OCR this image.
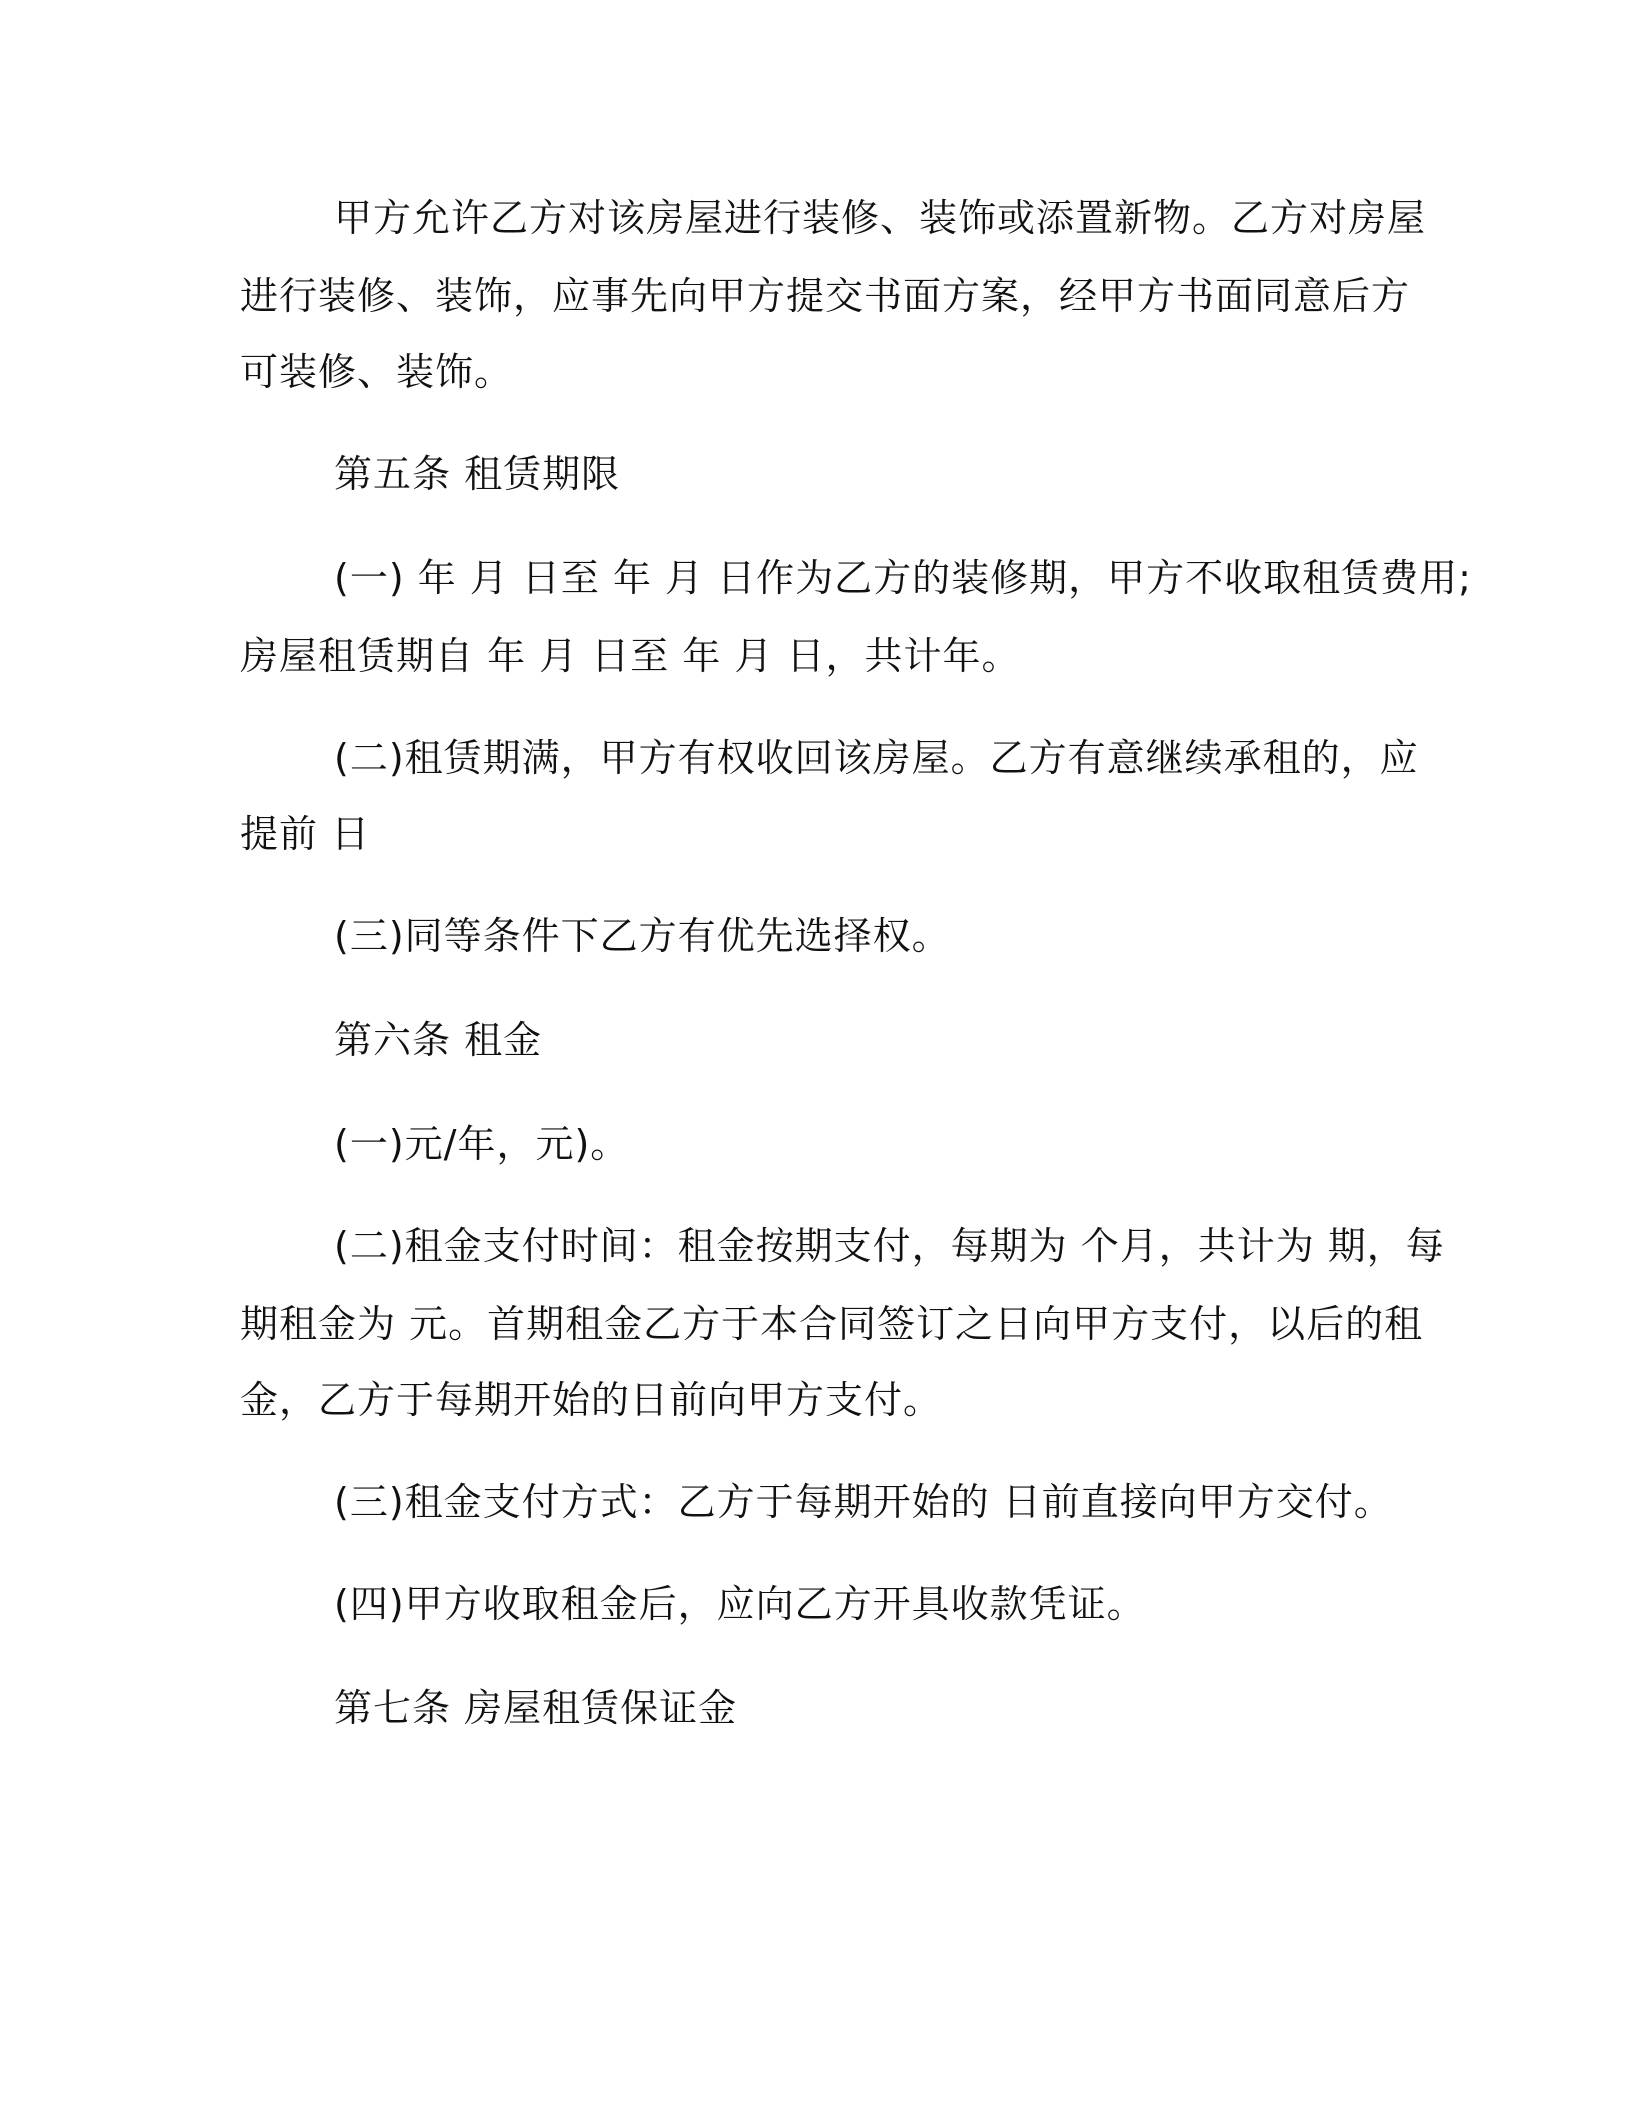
甲方允许乙方对该房屋进行装修、装饰或添置新物。乙方对房屋
进行装修、装饰，应事先向甲方提交书面方案，经甲方书面同意后方
可装修、装饰。
第五条 租赁期限
(一) 年 月 日至 年 月 日作为乙方的装修期，甲方不收取租赁费用;
房屋租赁期自 年 月 日至 年 月 日，共计年。
(二)租赁期满，甲方有权收回该房屋。乙方有意继续承租的，应
提前 日
(三)同等条件下乙方有优先选择权。
第六条 租金
(一)元/年，元)。
(二)租金支付时间：租金按期支付，每期为 个月，共计为 期，每
期租金为 元。首期租金乙方于本合同签订之日向甲方支付，以后的租
金，乙方于每期开始的日前向甲方支付。
(三)租金支付方式：乙方于每期开始的 日前直接向甲方交付。
(四)甲方收取租金后，应向乙方开具收款凭证。
第七条 房屋租赁保证金
